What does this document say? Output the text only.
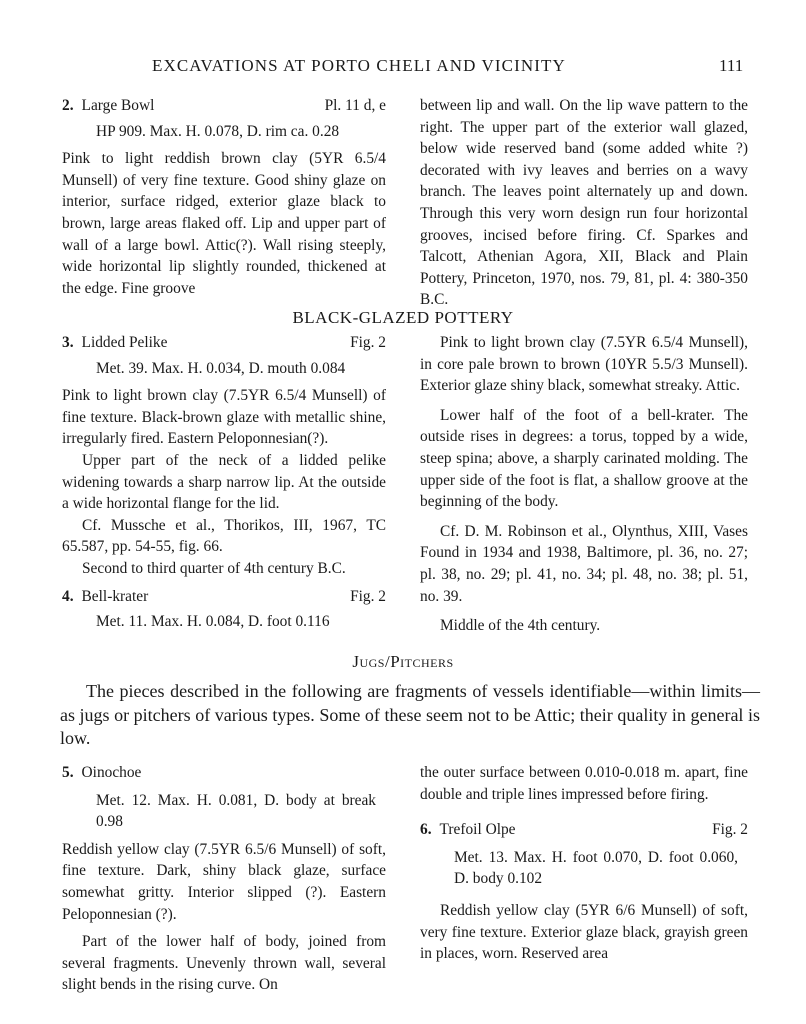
EXCAVATIONS AT PORTO CHELI AND VICINITY	111
2. Large Bowl	Pl. 11 d, e

HP 909. Max. H. 0.078, D. rim ca. 0.28

Pink to light reddish brown clay (5YR 6.5/4 Munsell) of very fine texture. Good shiny glaze on interior, surface ridged, exterior glaze black to brown, large areas flaked off. Lip and upper part of wall of a large bowl. Attic(?). Wall rising steeply, wide horizontal lip slightly rounded, thickened at the edge. Fine groove

between lip and wall. On the lip wave pattern to the right. The upper part of the exterior wall glazed, below wide reserved band (some added white ?) decorated with ivy leaves and berries on a wavy branch. The leaves point alternately up and down. Through this very worn design run four horizontal grooves, incised before firing. Cf. Sparkes and Talcott, Athenian Agora, XII, Black and Plain Pottery, Princeton, 1970, nos. 79, 81, pl. 4: 380-350 B.C.

BLACK-GLAZED POTTERY
3. Lidded Pelike	Fig. 2

Met. 39. Max. H. 0.034, D. mouth 0.084

Pink to light brown clay (7.5YR 6.5/4 Munsell) of fine texture. Black-brown glaze with metallic shine, irregularly fired. Eastern Peloponnesian(?).

Upper part of the neck of a lidded pelike widening towards a sharp narrow lip. At the outside a wide horizontal flange for the lid.

Cf. Mussche et al., Thorikos, III, 1967, TC 65.587, pp. 54-55, fig. 66.

Second to third quarter of 4th century B.C.

4. Bell-krater	Fig. 2

Met. 11. Max. H. 0.084, D. foot 0.116

Pink to light brown clay (7.5YR 6.5/4 Munsell), in core pale brown to brown (10YR 5.5/3 Munsell). Exterior glaze shiny black, somewhat streaky. Attic.

Lower half of the foot of a bell-krater. The outside rises in degrees: a torus, topped by a wide, steep spina; above, a sharply carinated molding. The upper side of the foot is flat, a shallow groove at the beginning of the body.

Cf. D. M. Robinson et al., Olynthus, XIII, Vases Found in 1934 and 1938, Baltimore, pl. 36, no. 27; pl. 38, no. 29; pl. 41, no. 34; pl. 48, no. 38; pl. 51, no. 39.

Middle of the 4th century.

Jugs/Pitchers

The pieces described in the following are fragments of vessels identifiable—within limits—as jugs or pitchers of various types. Some of these seem not to be Attic; their quality in general is low.

5. Oinochoe

Met. 12. Max. H. 0.081, D. body at break 0.98

Reddish yellow clay (7.5YR 6.5/6 Munsell) of soft, fine texture. Dark, shiny black glaze, surface somewhat gritty. Interior slipped (?). Eastern Peloponnesian (?).

Part of the lower half of body, joined from several fragments. Unevenly thrown wall, several slight bends in the rising curve. On

the outer surface between 0.010-0.018 m. apart, fine double and triple lines impressed before firing.

6. Trefoil Olpe	Fig. 2

Met. 13. Max. H. foot 0.070, D. foot 0.060, D. body 0.102

Reddish yellow clay (5YR 6/6 Munsell) of soft, very fine texture. Exterior glaze black, grayish green in places, worn. Reserved area
